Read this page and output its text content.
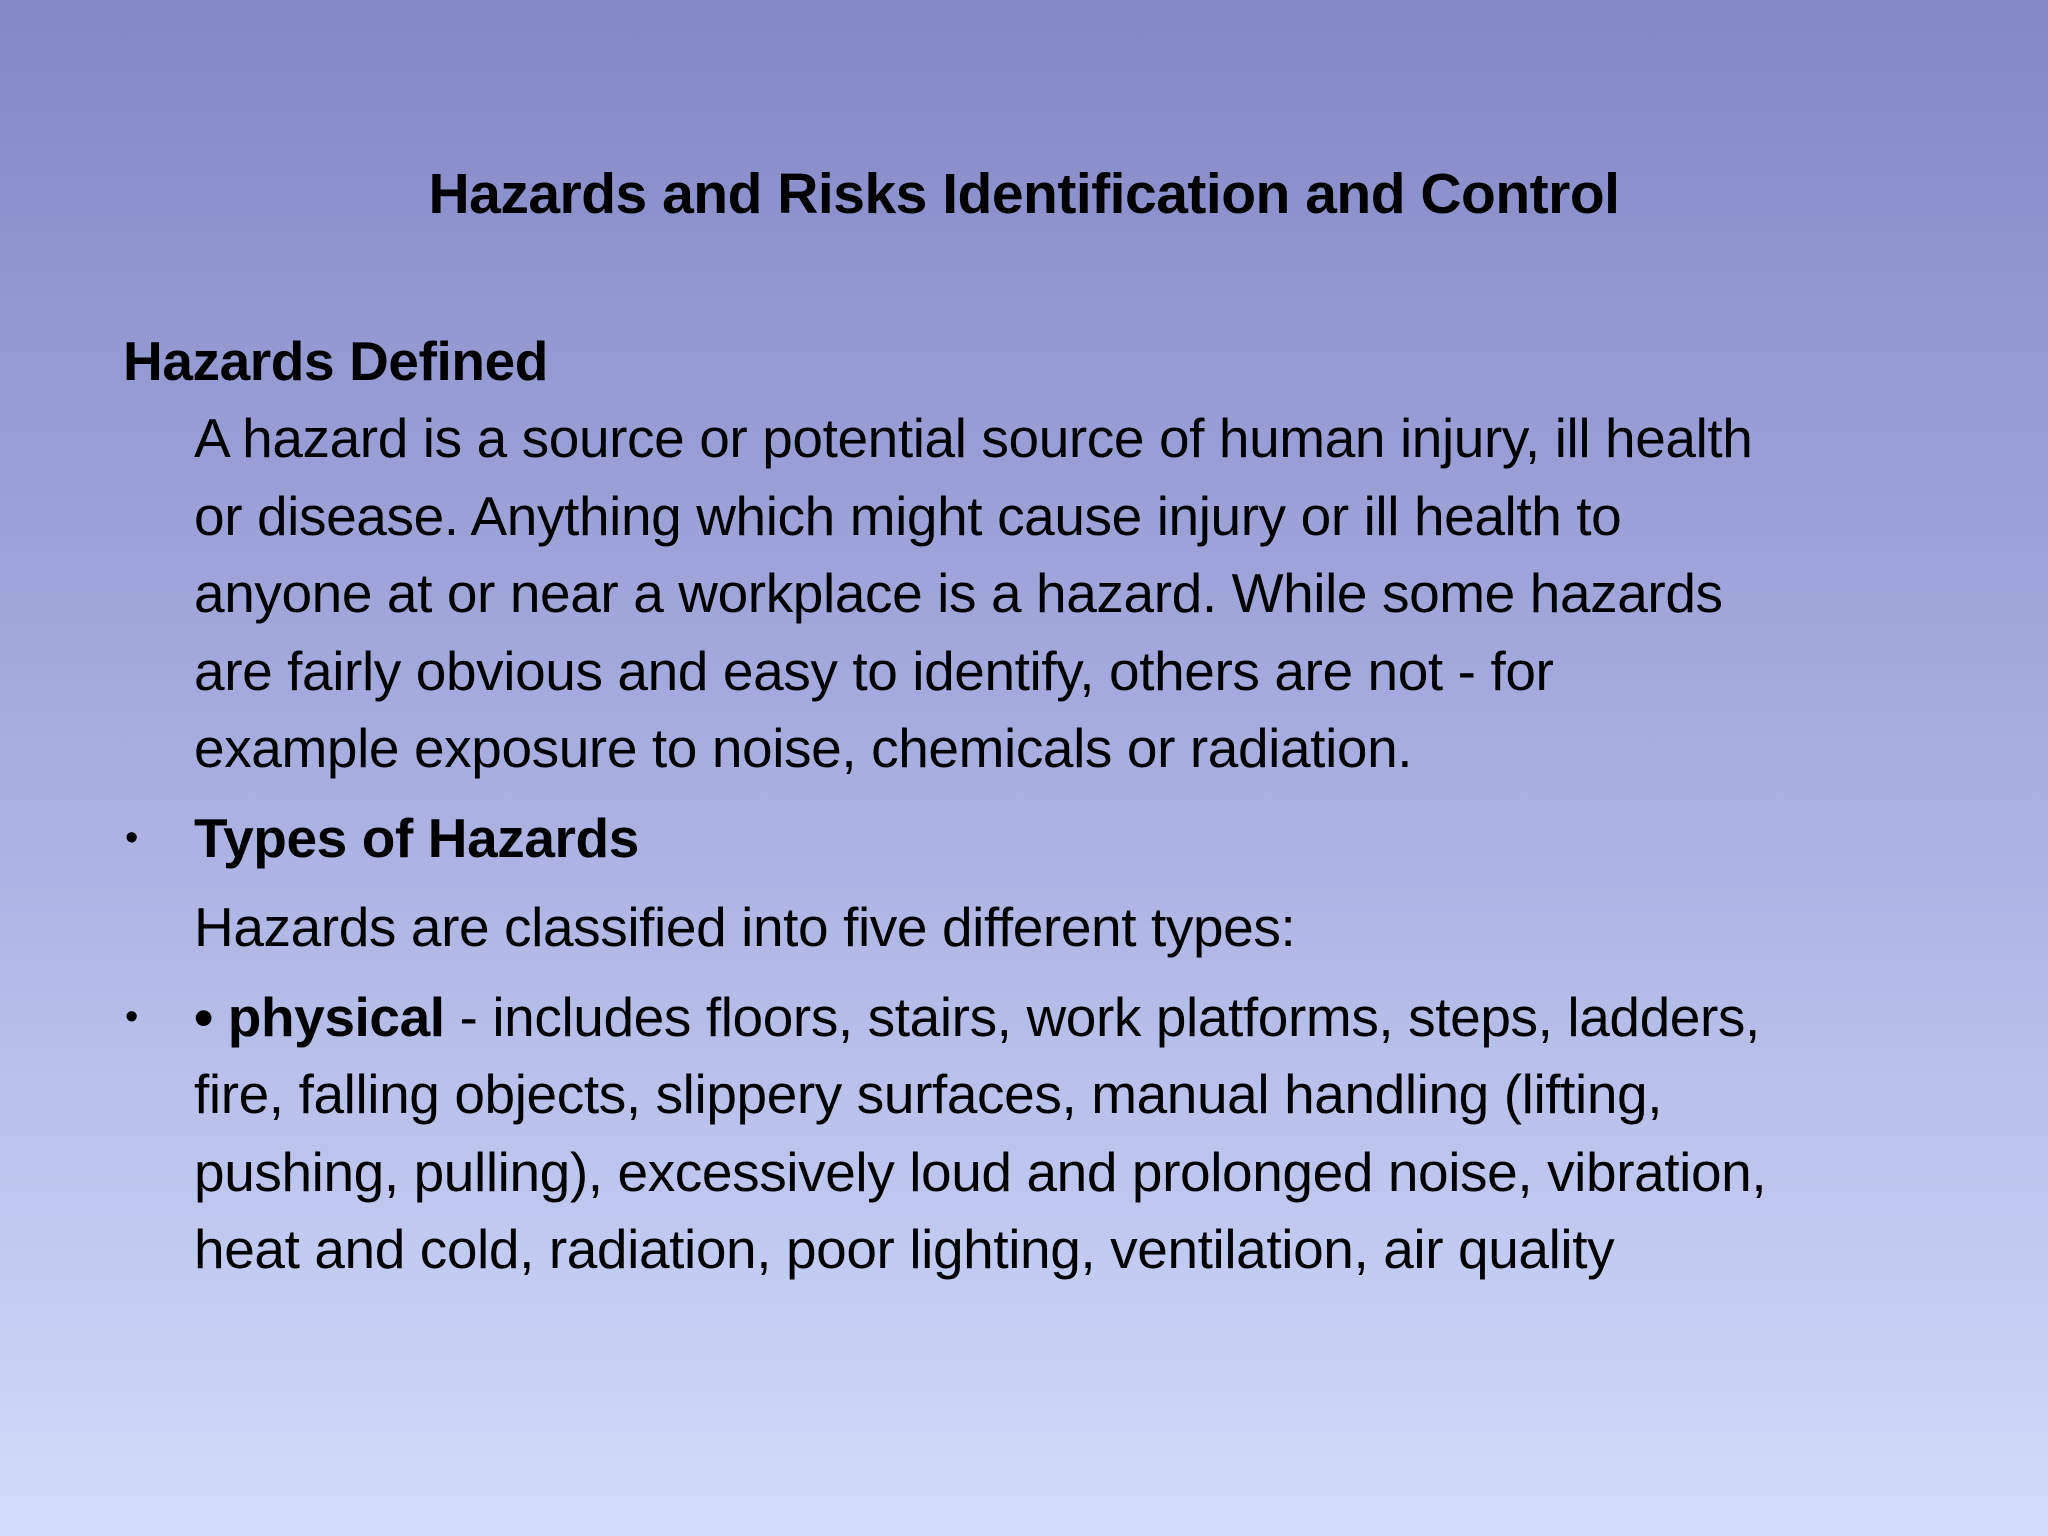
Hazards and Risks Identification and Control
Hazards Defined
A hazard is a source or potential source of human injury, ill health
or disease. Anything which might cause injury or ill health to
anyone at or near a workplace is a hazard. While some hazards
are fairly obvious and easy to identify, others are not - for
example exposure to noise, chemicals or radiation.
• Types of Hazards
Hazards are classified into five different types:
• • physical - includes floors, stairs, work platforms, steps, ladders,
fire, falling objects, slippery surfaces, manual handling (lifting,
pushing, pulling), excessively loud and prolonged noise, vibration,
heat and cold, radiation, poor lighting, ventilation, air quality
